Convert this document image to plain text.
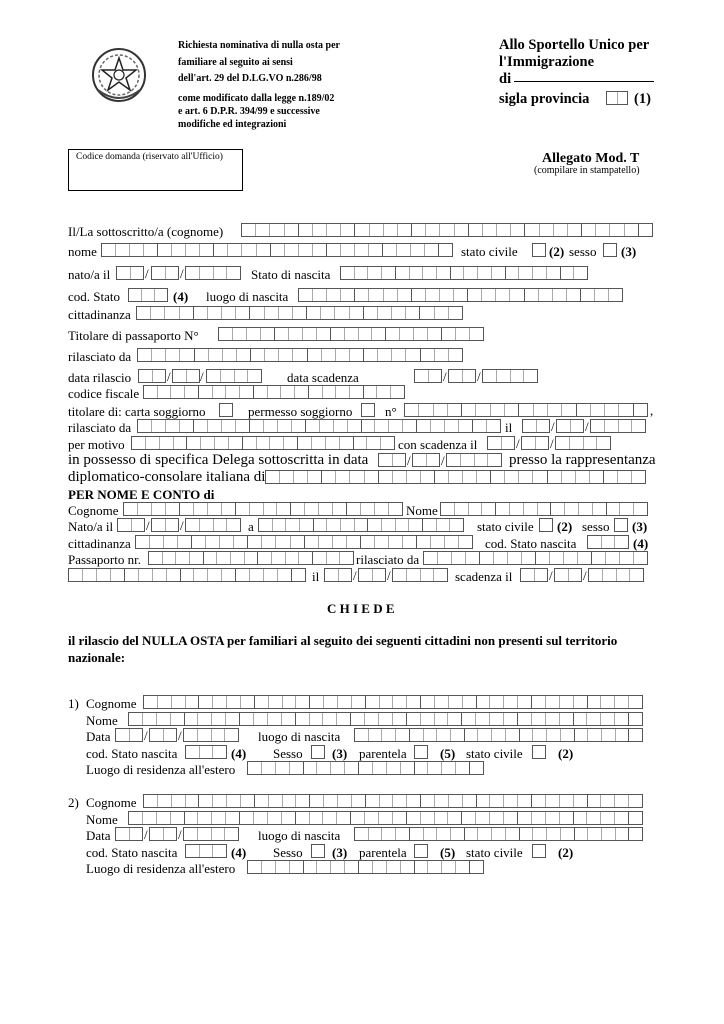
Richiesta nominativa di nulla osta per
familiare al seguito ai sensi
dell'art. 29 del D.LG.VO n.286/98
come modificato dalla legge n.189/02
e art. 6 D.P.R. 394/99 e successive
modifiche ed integrazioni
Allo Sportello Unico per
l'Immigrazione
di
sigla provincia	(1)
Codice domanda (riservato all'Ufficio)	Allegato Mod. T
(compilare in stampatello)
Il/La sottoscritto/a (cognome)
nome	stato civile (2) sesso (3)
nato/a il	/ /	Stato di nascita
cod. Stato	(4) luogo di nascita
cittadinanza
Titolare di passaporto N°
rilasciato da
data rilascio	/ /	data scadenza	/ /
codice fiscale
titolare di: carta soggiorno	permesso soggiorno	n°	,
rilasciato da	il	/ /
per motivo	con scadenza il	/ /
in possesso di specifica Delega sottoscritta in data	/ /	presso la rappresentanza
diplomatico-consolare italiana di
PER NOME E CONTO di
Cognome	Nome
Nato/a il	/ /	a	stato civile (2) sesso (3)
cittadinanza	cod. Stato nascita	(4)
Passaporto nr.	rilasciato da
il	/ /	scadenza il	/ /
C H I E D E
il rilascio del NULLA OSTA per familiari al seguito dei seguenti cittadini non presenti sul territorio
nazionale:
1) Cognome
Nome
Data	/ /	luogo di nascita
cod. Stato nascita	(4) Sesso (3) parentela	(5) stato civile	(2)
Luogo di residenza all'estero
2) Cognome
Nome
Data	/ /	luogo di nascita
cod. Stato nascita	(4) Sesso (3) parentela	(5) stato civile	(2)
Luogo di residenza all'estero
